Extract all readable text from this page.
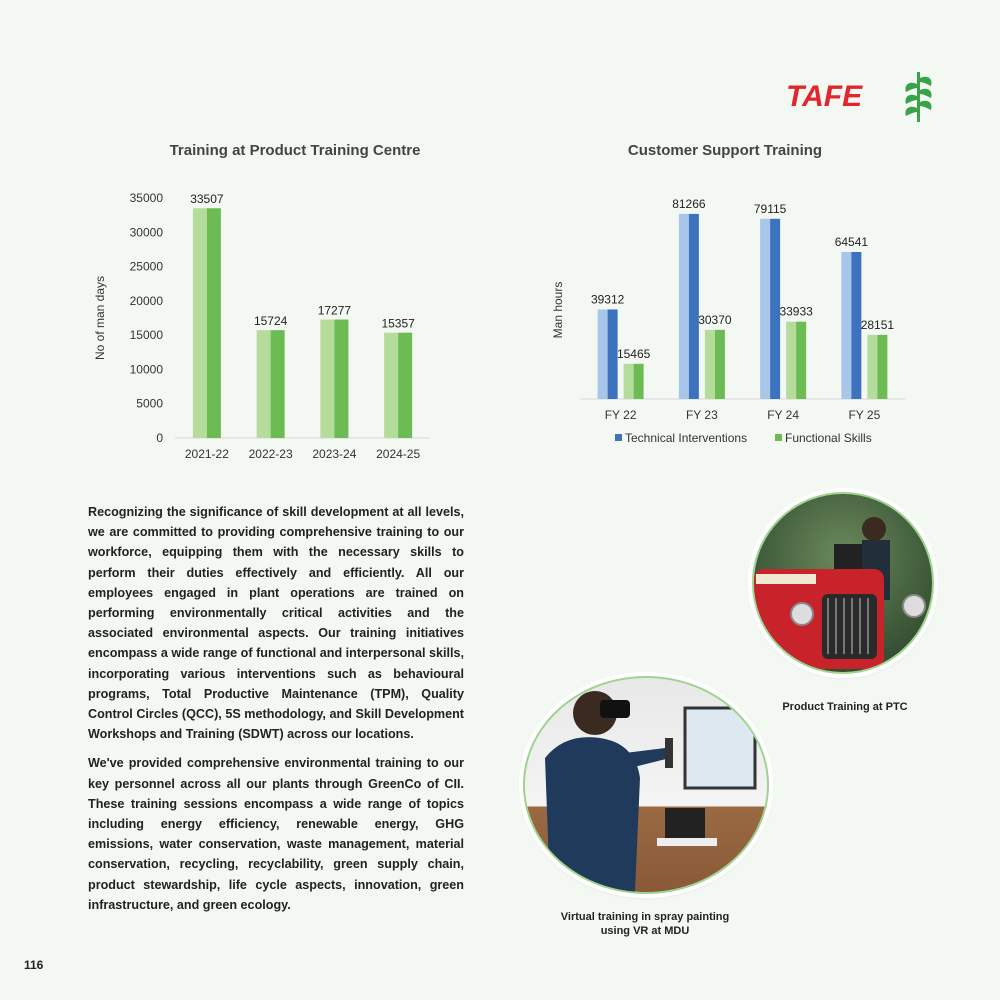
TAFE
Training at Product Training Centre
0
5000
10000
15000
20000
25000
30000
35000
No of man days
33507
2021-22
15724
2022-23
17277
2023-24
15357
2024-25
Customer Support Training
Man hours 39312
15465
FY 22
81266
30370
FY 23
79115
33933
FY 24
64541
28151
FY 25
Technical Interventions	Functional Skills

Recognizing the significance of skill development at all levels, we are committed to providing comprehensive training to our workforce, equipping them with the necessary skills to perform their duties effectively and efficiently. All our employees engaged in plant operations are trained on performing environmentally critical activities and the associated environmental aspects. Our training initiatives encompass a wide range of functional and interpersonal skills, incorporating various interventions such as behavioural programs, Total Productive Maintenance (TPM), Quality Control Circles (QCC), 5S methodology, and Skill Development Workshops and Training (SDWT) across our locations.

We've provided comprehensive environmental training to our key personnel across all our plants through GreenCo of CII. These training sessions encompass a wide range of topics including energy efficiency, renewable energy, GHG emissions, water conservation, waste management, material conservation, recycling, recyclability, green supply chain, product stewardship, life cycle aspects, innovation, green infrastructure, and green ecology.

Product Training at PTC
Virtual training in spray painting
using VR at MDU
116
